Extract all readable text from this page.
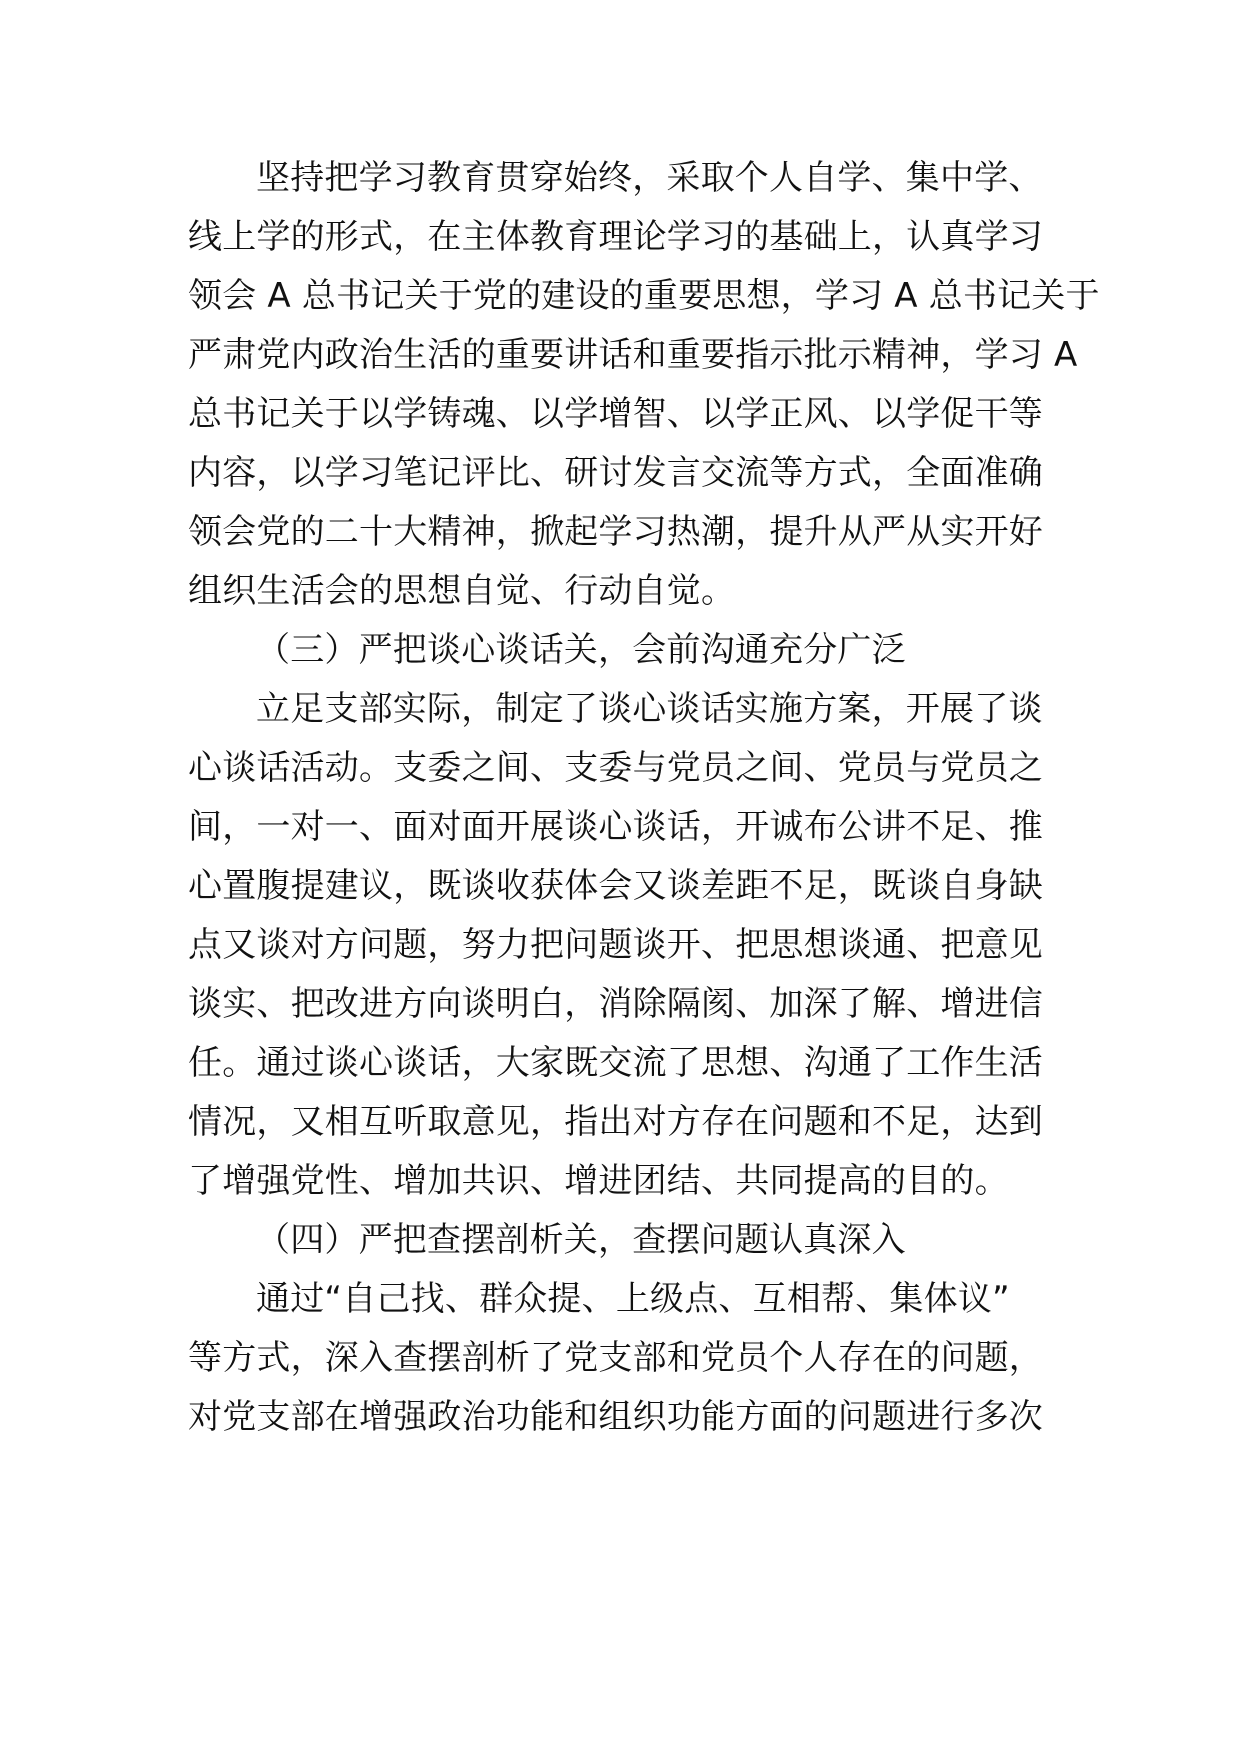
坚持把学习教育贯穿始终，采取个人自学、集中学、
线上学的形式，在主体教育理论学习的基础上，认真学习
领会 A 总书记关于党的建设的重要思想，学习 A 总书记关于
严肃党内政治生活的重要讲话和重要指示批示精神，学习 A
总书记关于以学铸魂、以学增智、以学正风、以学促干等
内容，以学习笔记评比、研讨发言交流等方式，全面准确
领会党的二十大精神，掀起学习热潮，提升从严从实开好
组织生活会的思想自觉、行动自觉。
（三）严把谈心谈话关，会前沟通充分广泛
立足支部实际，制定了谈心谈话实施方案，开展了谈
心谈话活动。支委之间、支委与党员之间、党员与党员之
间，一对一、面对面开展谈心谈话，开诚布公讲不足、推
心置腹提建议，既谈收获体会又谈差距不足，既谈自身缺
点又谈对方问题，努力把问题谈开、把思想谈通、把意见
谈实、把改进方向谈明白，消除隔阂、加深了解、增进信
任。通过谈心谈话，大家既交流了思想、沟通了工作生活
情况，又相互听取意见，指出对方存在问题和不足，达到
了增强党性、增加共识、增进团结、共同提高的目的。
（四）严把查摆剖析关，查摆问题认真深入
通过“自己找、群众提、上级点、互相帮、集体议”
等方式，深入查摆剖析了党支部和党员个人存在的问题，
对党支部在增强政治功能和组织功能方面的问题进行多次
